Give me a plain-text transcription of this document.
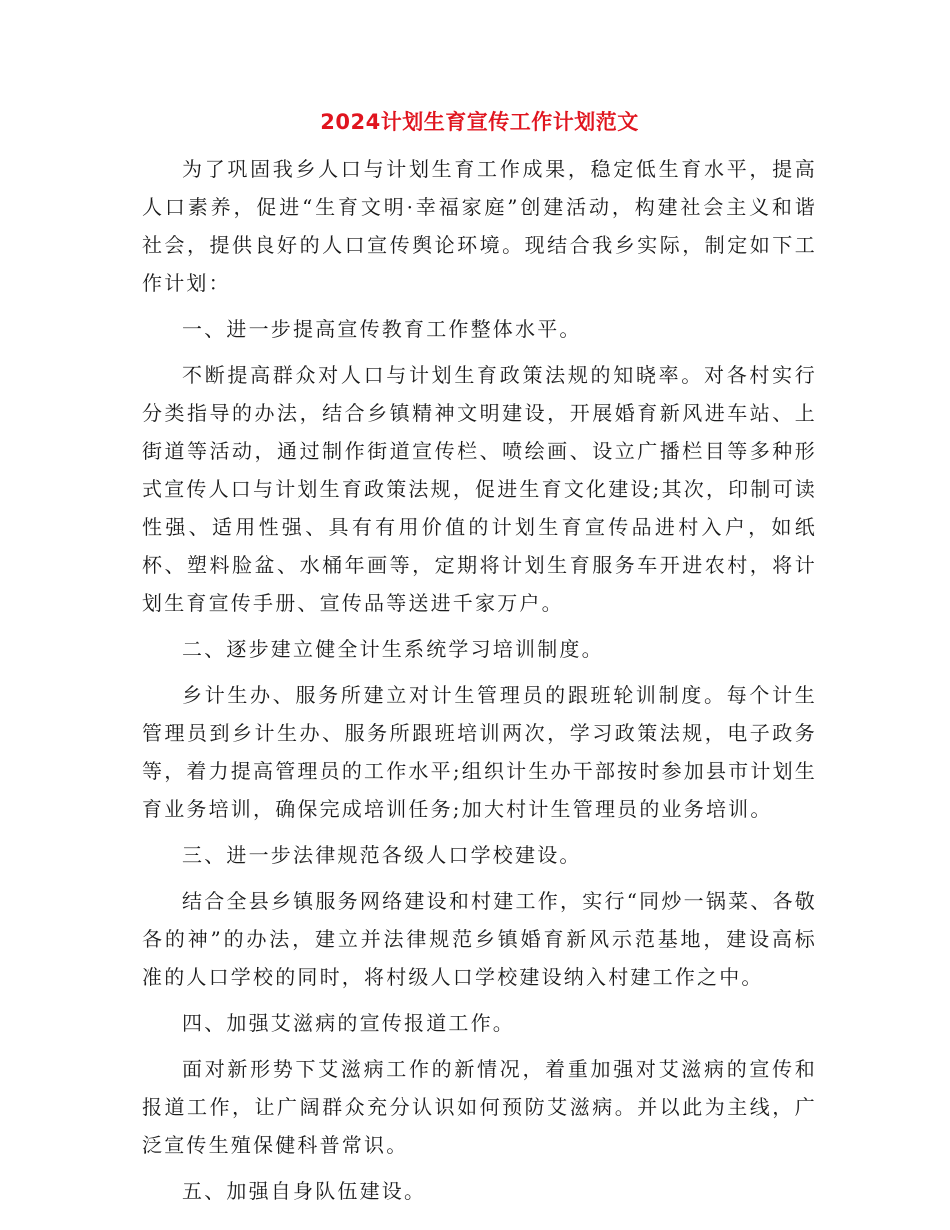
2024计划生育宣传工作计划范文

为了巩固我乡人口与计划生育工作成果，稳定低生育水平，提高人口素养，促进“生育文明·幸福家庭”创建活动，构建社会主义和谐社会，提供良好的人口宣传舆论环境。现结合我乡实际，制定如下工作计划：

一、进一步提高宣传教育工作整体水平。

不断提高群众对人口与计划生育政策法规的知晓率。对各村实行分类指导的办法，结合乡镇精神文明建设，开展婚育新风进车站、上街道等活动，通过制作街道宣传栏、喷绘画、设立广播栏目等多种形式宣传人口与计划生育政策法规，促进生育文化建设;其次，印制可读性强、适用性强、具有有用价值的计划生育宣传品进村入户，如纸杯、塑料脸盆、水桶年画等，定期将计划生育服务车开进农村，将计划生育宣传手册、宣传品等送进千家万户。

二、逐步建立健全计生系统学习培训制度。

乡计生办、服务所建立对计生管理员的跟班轮训制度。每个计生管理员到乡计生办、服务所跟班培训两次，学习政策法规，电子政务等，着力提高管理员的工作水平;组织计生办干部按时参加县市计划生育业务培训，确保完成培训任务;加大村计生管理员的业务培训。

三、进一步法律规范各级人口学校建设。

结合全县乡镇服务网络建设和村建工作，实行“同炒一锅菜、各敬各的神”的办法，建立并法律规范乡镇婚育新风示范基地，建设高标准的人口学校的同时，将村级人口学校建设纳入村建工作之中。

四、加强艾滋病的宣传报道工作。

面对新形势下艾滋病工作的新情况，着重加强对艾滋病的宣传和报道工作，让广阔群众充分认识如何预防艾滋病。并以此为主线，广泛宣传生殖保健科普常识。

五、加强自身队伍建设。
